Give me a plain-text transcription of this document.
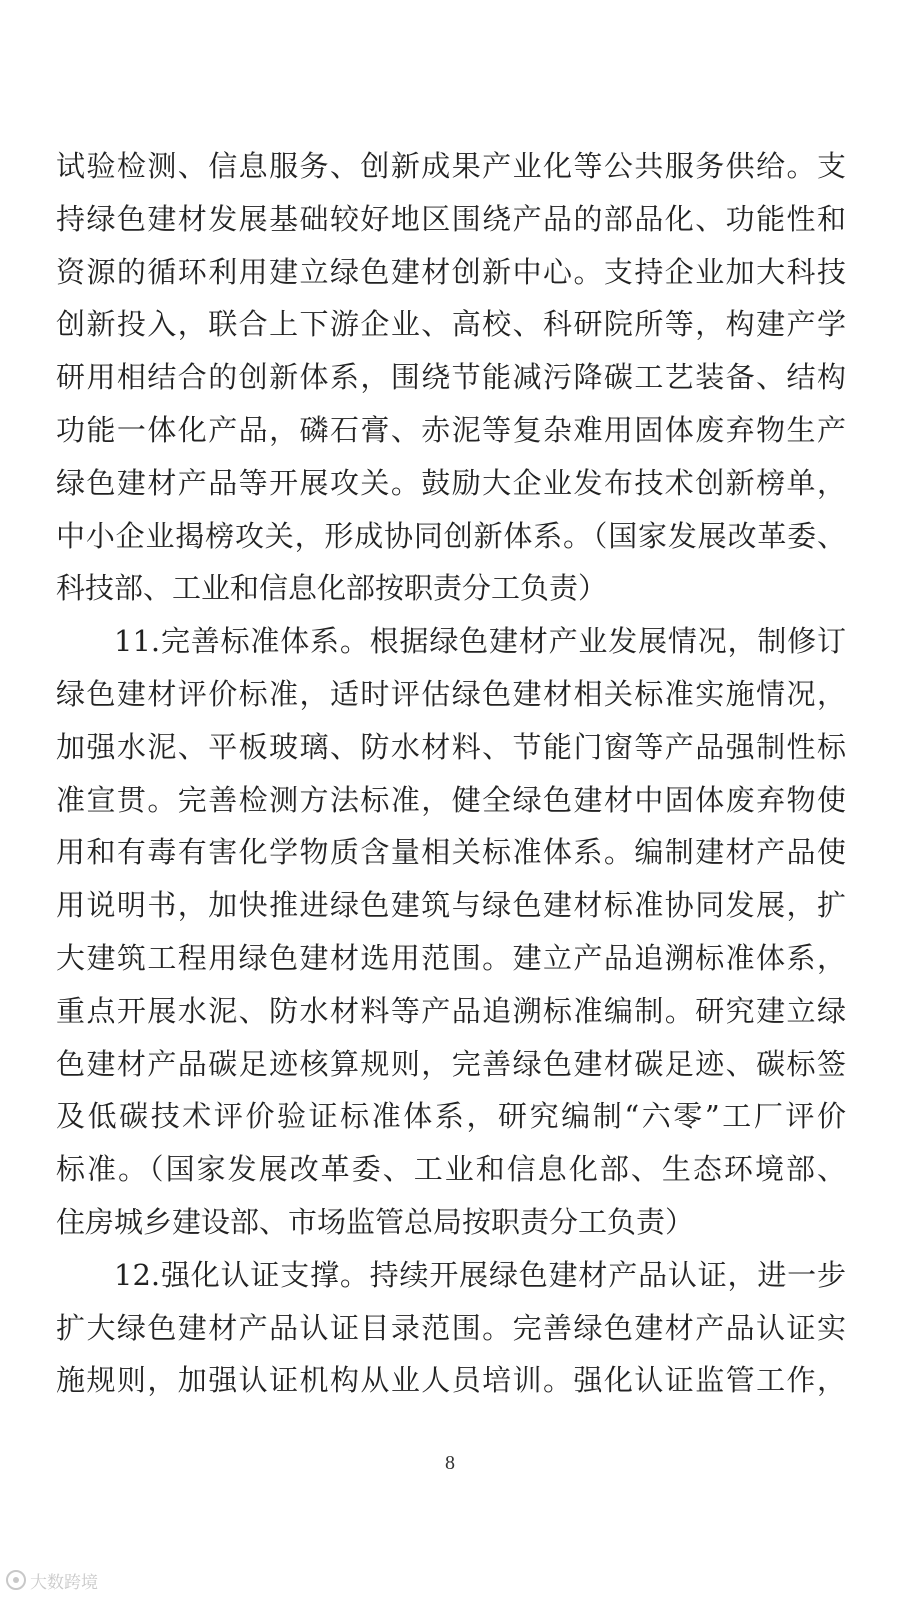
试验检测、信息服务、创新成果产业化等公共服务供给。支
持绿色建材发展基础较好地区围绕产品的部品化、功能性和
资源的循环利用建立绿色建材创新中心。支持企业加大科技
创新投入，联合上下游企业、高校、科研院所等，构建产学
研用相结合的创新体系，围绕节能减污降碳工艺装备、结构
功能一体化产品，磷石膏、赤泥等复杂难用固体废弃物生产
绿色建材产品等开展攻关。鼓励大企业发布技术创新榜单，
中小企业揭榜攻关，形成协同创新体系。（国家发展改革委、
科技部、工业和信息化部按职责分工负责）
11.完善标准体系。根据绿色建材产业发展情况，制修订
绿色建材评价标准，适时评估绿色建材相关标准实施情况，
加强水泥、平板玻璃、防水材料、节能门窗等产品强制性标
准宣贯。完善检测方法标准，健全绿色建材中固体废弃物使
用和有毒有害化学物质含量相关标准体系。编制建材产品使
用说明书，加快推进绿色建筑与绿色建材标准协同发展，扩
大建筑工程用绿色建材选用范围。建立产品追溯标准体系，
重点开展水泥、防水材料等产品追溯标准编制。研究建立绿
色建材产品碳足迹核算规则，完善绿色建材碳足迹、碳标签
及低碳技术评价验证标准体系，研究编制“六零”工厂评价
标准。（国家发展改革委、工业和信息化部、生态环境部、
住房城乡建设部、市场监管总局按职责分工负责）
12.强化认证支撑。持续开展绿色建材产品认证，进一步
扩大绿色建材产品认证目录范围。完善绿色建材产品认证实
施规则，加强认证机构从业人员培训。强化认证监管工作，
8
大数跨境
